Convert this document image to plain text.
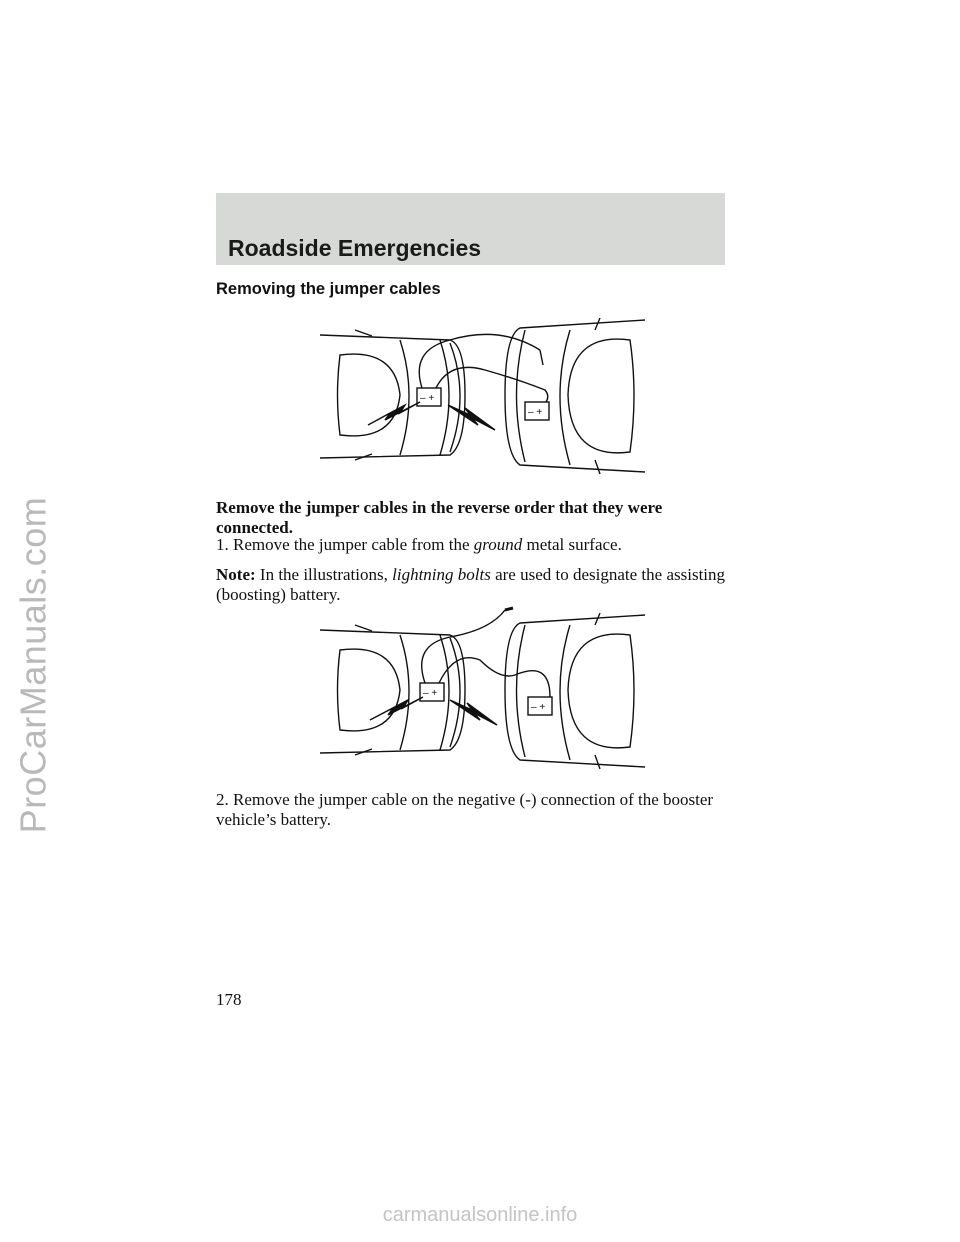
ProCarManuals.com
Roadside Emergencies
Removing the jumper cables
– +
– +

Remove the jumper cables in the reverse order that they were connected.

1. Remove the jumper cable from the ground metal surface.

Note: In the illustrations, lightning bolts are used to designate the assisting (boosting) battery.

– +
– +

2. Remove the jumper cable on the negative (-) connection of the booster vehicle’s battery.

178
carmanualsonline.info
